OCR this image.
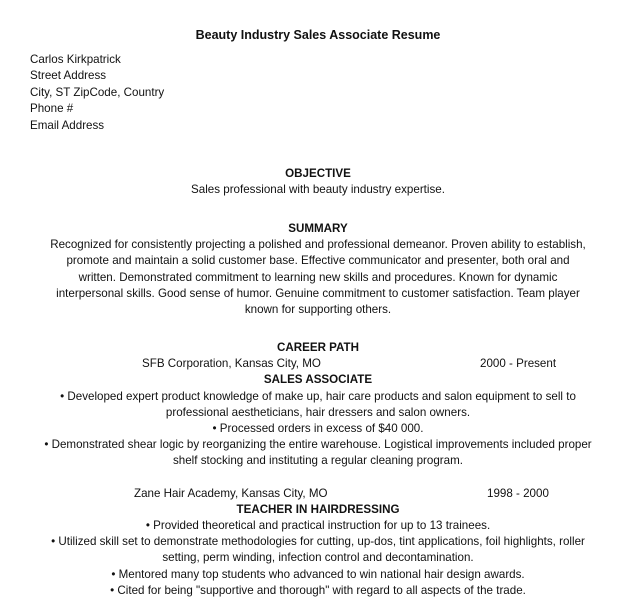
Beauty Industry Sales Associate Resume
Carlos Kirkpatrick
Street Address
City, ST ZipCode, Country
Phone #
Email Address
OBJECTIVE
Sales professional with beauty industry expertise.
SUMMARY
Recognized for consistently projecting a polished and professional demeanor. Proven ability to establish,
promote and maintain a solid customer base. Effective communicator and presenter, both oral and
written. Demonstrated commitment to learning new skills and procedures. Known for dynamic
interpersonal skills. Good sense of humor. Genuine commitment to customer satisfaction. Team player
known for supporting others.
CAREER PATH
SFB Corporation, Kansas City, MO	2000 - Present
SALES ASSOCIATE
• Developed expert product knowledge of make up, hair care products and salon equipment to sell to
professional aestheticians, hair dressers and salon owners.
• Processed orders in excess of $40 000.
• Demonstrated shear logic by reorganizing the entire warehouse. Logistical improvements included proper
shelf stocking and instituting a regular cleaning program.
Zane Hair Academy, Kansas City, MO	1998 - 2000
TEACHER IN HAIRDRESSING
• Provided theoretical and practical instruction for up to 13 trainees.
• Utilized skill set to demonstrate methodologies for cutting, up-dos, tint applications, foil highlights, roller
setting, perm winding, infection control and decontamination.
• Mentored many top students who advanced to win national hair design awards.
• Cited for being "supportive and thorough" with regard to all aspects of the trade.
